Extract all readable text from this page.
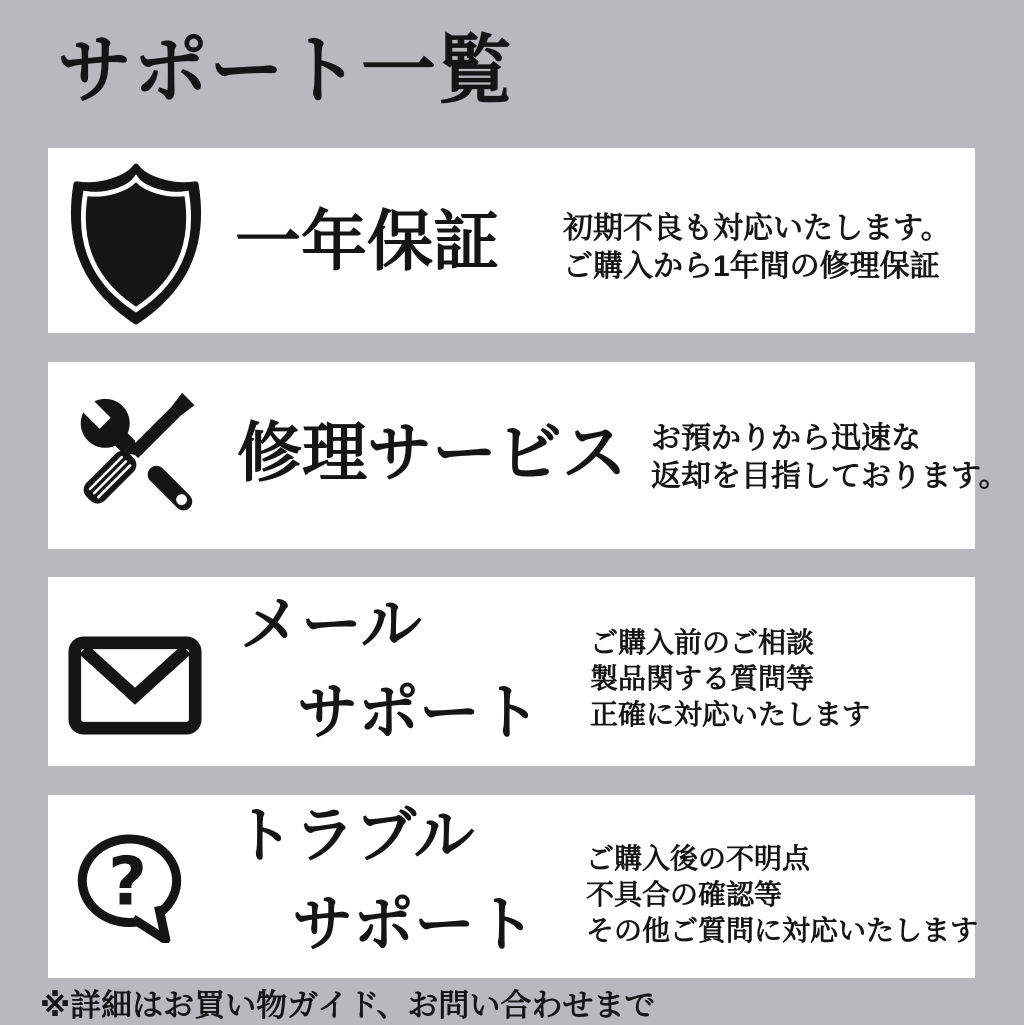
サポート一覧
一年保証 初期不良も対応いたします。
ご購入から1年間の修理保証
修理サービス お預かりから迅速な
返却を目指しております。
メール
サポート
ご購入前のご相談
製品関する質問等
正確に対応いたします
?
トラブル
サポート
ご購入後の不明点
不具合の確認等
その他ご質問に対応いたします
※詳細はお買い物ガイド、お問い合わせまで
